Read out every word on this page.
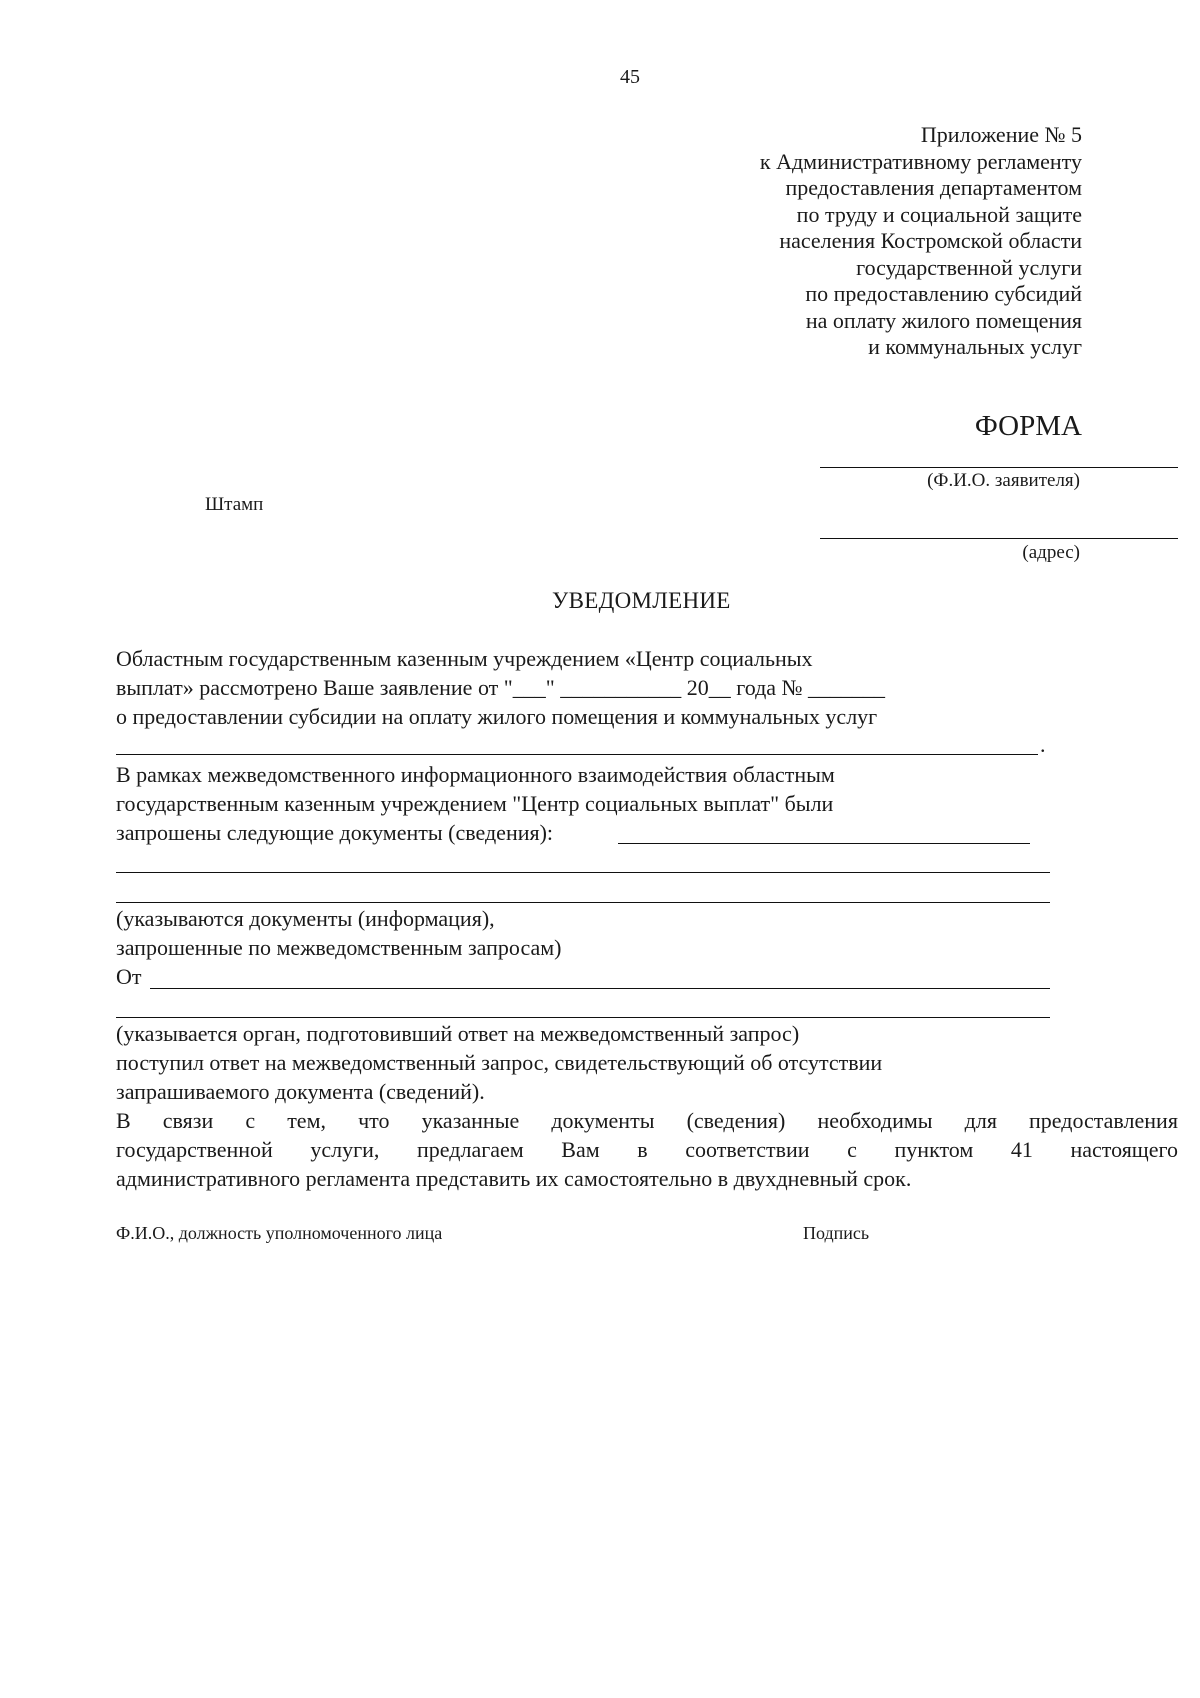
45
Приложение № 5
к Административному регламенту
предоставления департаментом
по труду и социальной защите
населения Костромской области
государственной услуги
по предоставлению субсидий
на оплату жилого помещения
и коммунальных услуг
ФОРМА
(Ф.И.О. заявителя)
Штамп
(адрес)
УВЕДОМЛЕНИЕ
Областным государственным казенным учреждением «Центр социальных
выплат» рассмотрено Ваше заявление от "___" ___________ 20__ года № _______
о предоставлении субсидии на оплату жилого помещения и коммунальных услуг
.
В рамках межведомственного информационного взаимодействия областным
государственным казенным учреждением "Центр социальных выплат" были
запрошены следующие документы (сведения):
(указываются документы (информация),
запрошенные по межведомственным запросам)
От
(указывается орган, подготовивший ответ на межведомственный запрос)
поступил ответ на межведомственный запрос, свидетельствующий об отсутствии
запрашиваемого документа (сведений).
В связи с тем, что указанные документы (сведения) необходимы для предоставления
государственной услуги, предлагаем Вам в соответствии с пунктом 41 настоящего
административного регламента представить их самостоятельно в двухдневный срок.
Ф.И.О., должность уполномоченного лица	Подпись
